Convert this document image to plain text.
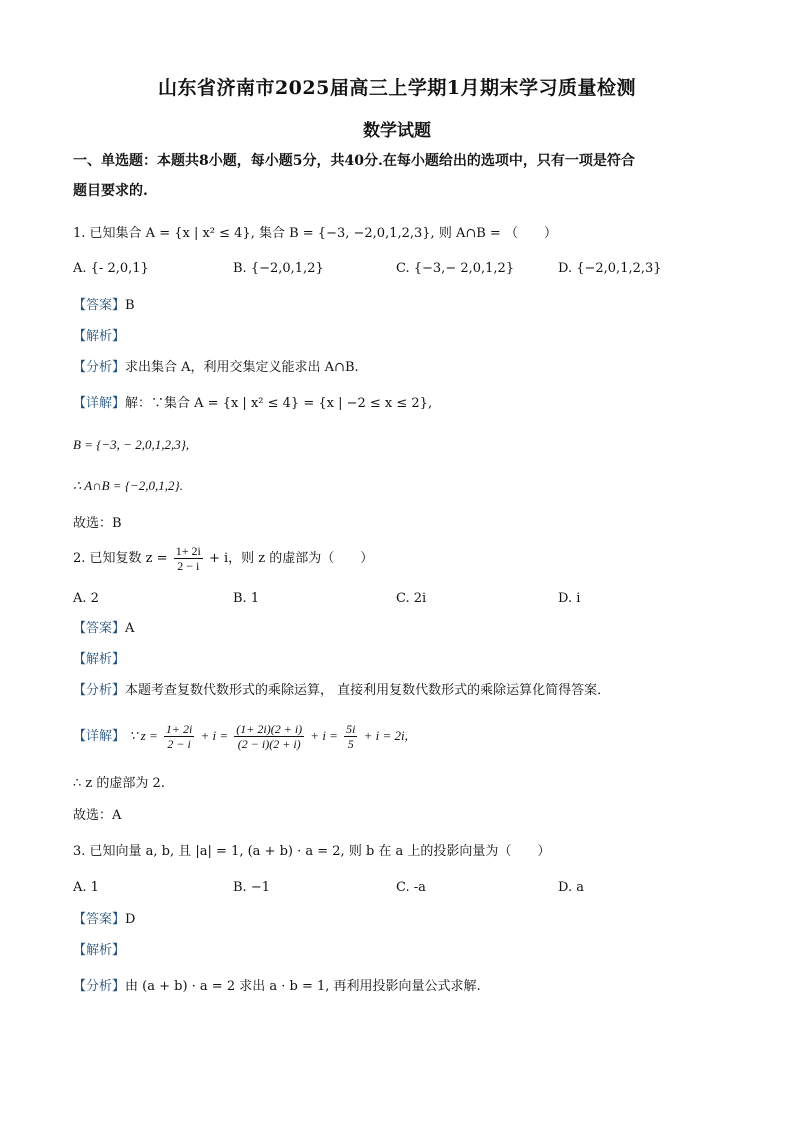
山东省济南市2025届高三上学期1月期末学习质量检测
数学试题
一、单选题：本题共8小题，每小题5分，共40分.在每小题给出的选项中，只有一项是符合
题目要求的.
1. 已知集合 A = {x | x² ≤ 4}, 集合 B = {−3, −2,0,1,2,3}, 则 A∩B = （　　）
A. {- 2,0,1}	B. {−2,0,1,2}	C. {−3,− 2,0,1,2}	D. {−2,0,1,2,3}
【答案】B
【解析】
【分析】求出集合 A，利用交集定义能求出 A∩B.
【详解】解：∵集合 A = {x | x² ≤ 4} = {x | −2 ≤ x ≤ 2},
B = {−3, − 2,0,1,2,3},
∴ A∩B = {−2,0,1,2}.
故选：B
2. 已知复数 $z = \frac{1+ 2i}{2 - i} + i$，则 z 的虚部为（　　）
A. 2	B. 1	C. 2i	D. i
【答案】A
【解析】
【分析】本题考查复数代数形式的乘除运算， 直接利用复数代数形式的乘除运算化简得答案．
【详解】 ∵ $z = \frac{1+ 2i}{2 - i} + i = \frac{(1+ 2i)(2 + i)}{(2 - i)(2 + i)} + i = \frac{5i}{5} + i = 2i$,
∴ z 的虚部为 2.
故选：A
3. 已知向量 a, b, 且 |a| = 1, (a + b) · a = 2, 则 b 在 a 上的投影向量为（　　）
A. 1	B. −1	C. -a	D. a
【答案】D
【解析】
【分析】由 (a + b) · a = 2 求出 a · b = 1, 再利用投影向量公式求解.
